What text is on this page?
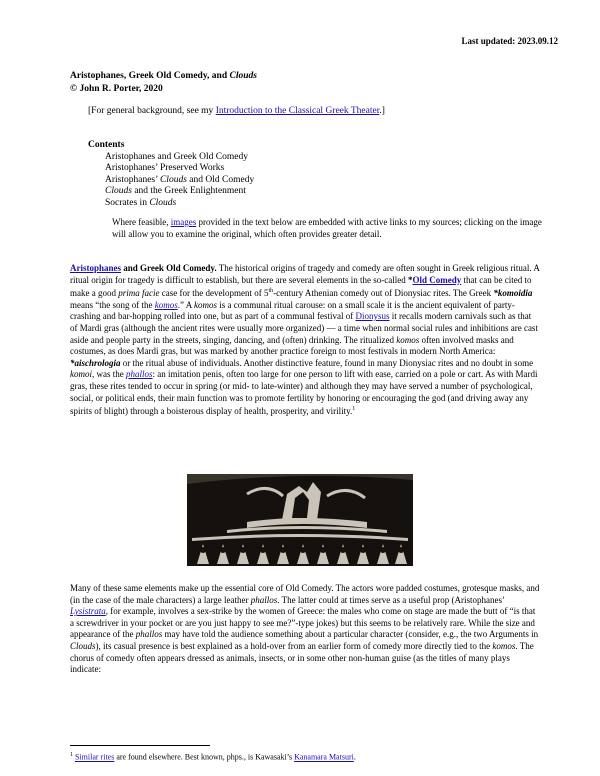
Last updated: 2023.09.12
Aristophanes, Greek Old Comedy, and Clouds
© John R. Porter, 2020
[For general background, see my Introduction to the Classical Greek Theater.]
Contents
Aristophanes and Greek Old Comedy
Aristophanes’ Preserved Works
Aristophanes’ Clouds and Old Comedy
Clouds and the Greek Enlightenment
Socrates in Clouds
Where feasible, images provided in the text below are embedded with active links to my sources; clicking on the image will allow you to examine the original, which often provides greater detail.
Aristophanes and Greek Old Comedy. The historical origins of tragedy and comedy are often sought in Greek religious ritual. A ritual origin for tragedy is difficult to establish, but there are several elements in the so-called *Old Comedy that can be cited to make a good prima facie case for the development of 5th-century Athenian comedy out of Dionysiac rites. The Greek *komoidia means “the song of the komos.” A komos is a communal ritual carouse: on a small scale it is the ancient equivalent of party-crashing and bar-hopping rolled into one, but as part of a communal festival of Dionysus it recalls modern carnivals such as that of Mardi gras (although the ancient rites were usually more organized) — a time when normal social rules and inhibitions are cast aside and people party in the streets, singing, dancing, and (often) drinking. The ritualized komos often involved masks and costumes, as does Mardi gras, but was marked by another practice foreign to most festivals in modern North America: *aischrologia or the ritual abuse of individuals. Another distinctive feature, found in many Dionysiac rites and no doubt in some komoi, was the phallos: an imitation penis, often too large for one person to lift with ease, carried on a pole or cart. As with Mardi gras, these rites tended to occur in spring (or mid- to late-winter) and although they may have served a number of psychological, social, or political ends, their main function was to promote fertility by honoring or encouraging the god (and driving away any spirits of blight) through a boisterous display of health, prosperity, and virility.$^1$
Many of these same elements make up the essential core of Old Comedy. The actors wore padded costumes, grotesque masks, and (in the case of the male characters) a large leather phallos. The latter could at times serve as a useful prop (Aristophanes’ Lysistrata, for example, involves a sex-strike by the women of Greece: the males who come on stage are made the butt of “is that a screwdriver in your pocket or are you just happy to see me?”-type jokes) but this seems to be relatively rare. While the size and appearance of the phallos may have told the audience something about a particular character (consider, e.g., the two Arguments in Clouds), its casual presence is best explained as a hold-over from an earlier form of comedy more directly tied to the komos. The chorus of comedy often appears dressed as animals, insects, or in some other non-human guise (as the titles of many plays indicate:
$^1$ Similar rites are found elsewhere. Best known, phps., is Kawasaki’s Kanamara Matsuri.
